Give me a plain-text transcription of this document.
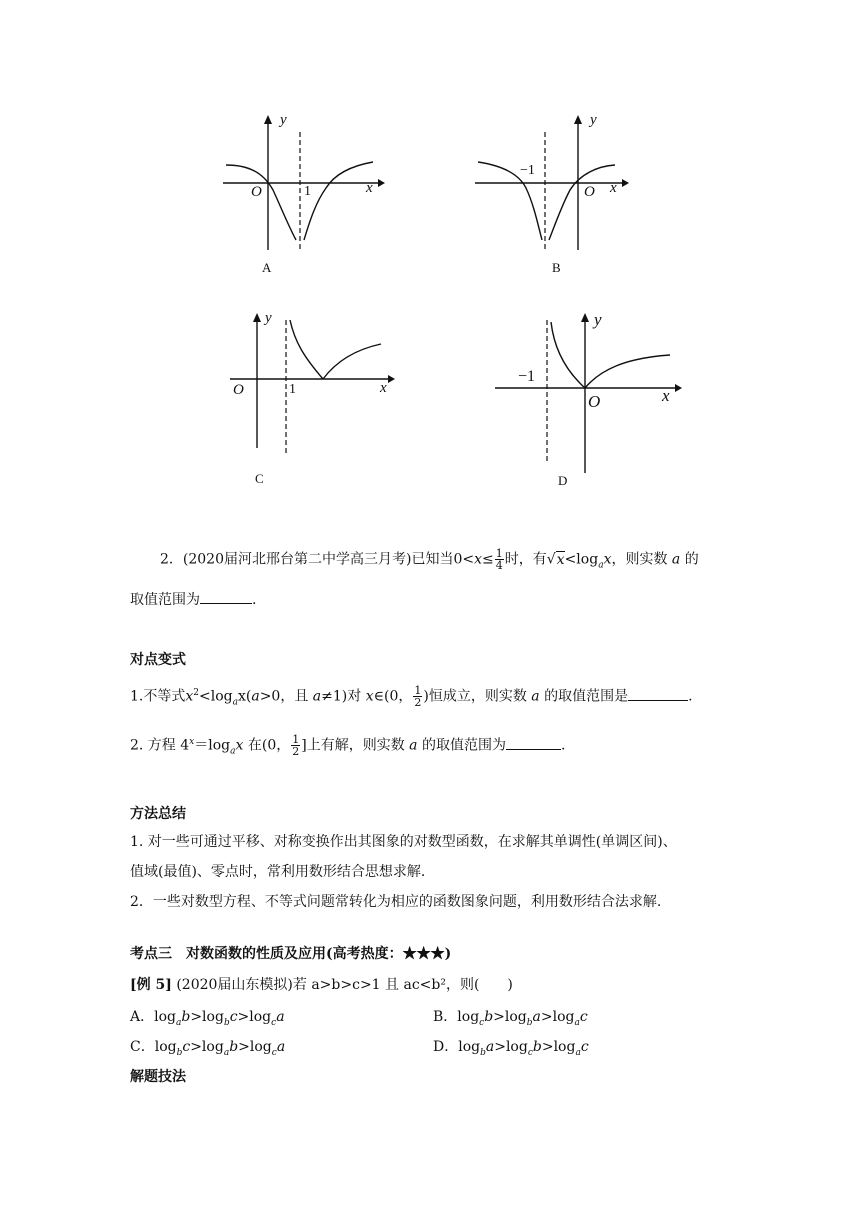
y
x
O	1
A
y
x
O
−1
B
y
x
O	1
C
y
x
O
−1
D
2．(2020届河北邢台第二中学高三月考)已知当$0<x\le \frac{1}{4}$ 时，有$√x<\log_ax$，则实数 a 的
取值范围为	.
对点变式
1.不等式$x^2<\log_ax(a>0$，且 a≠1)对 x∈(0， $\frac{1}{2}$ )恒成立，则实数 a 的取值范围是	.
2. 方程 $4^x=\log_ax$ 在(0， $\frac{1}{2}$ ]上有解，则实数 a 的取值范围为	.
方法总结
1. 对一些可通过平移、对称变换作出其图象的对数型函数，在求解其单调性(单调区间)、
值域(最值)、零点时，常利用数形结合思想求解.
2．一些对数型方程、不等式问题常转化为相应的函数图象问题，利用数形结合法求解.
考点三　对数函数的性质及应用(高考热度：★★★)
[例 5] (2020届山东模拟)若 a>b>c>1 且 ac<b²，则(　　)
A．$\log_ab>\log_bc>\log_ca$	B．$\log_cb>\log_ba>\log_ac$
C．$\log_bc>\log_ab>\log_ca$	D．$\log_ba>\log_cb>\log_ac$
解题技法
